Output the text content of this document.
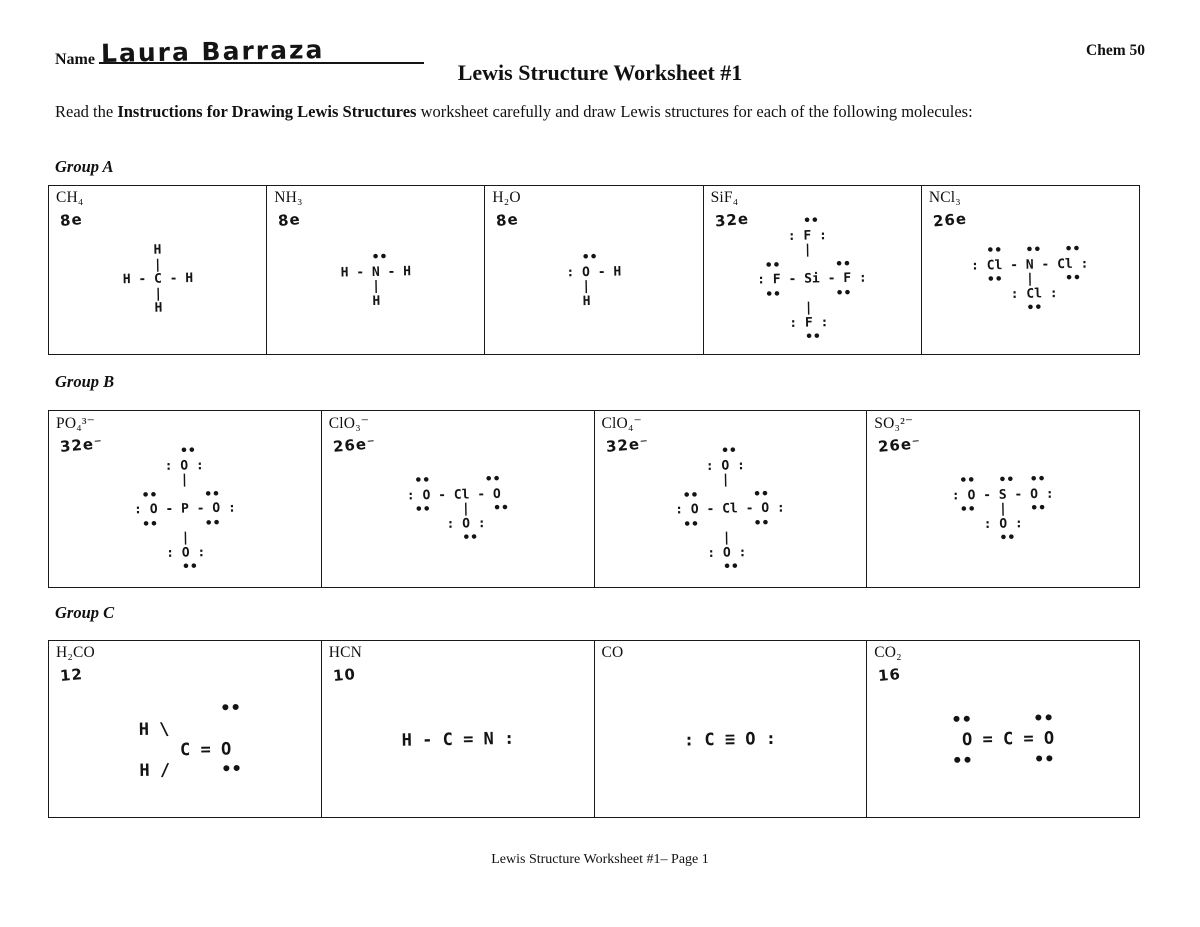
Name Laura Barraza	Chem 50
Lewis Structure Worksheet #1

Read the Instructions for Drawing Lewis Structures worksheet carefully and draw Lewis structures for each of the following molecules:

Group A
CH₄
8e
H
|
H - C - H
|
H
NH₃
8e
••
H - N - H
|
H
H₂O
8e
••
: O - H
|
H
SiF₄
32e ••
: F :
|
••       ••
: F - Si - F :
••       ••
|
: F :
••
NCl₃
26e
••   ••   ••
: Cl - N - Cl :
••   |    ••
: Cl :
••
Group B
PO₄³⁻
32e⁻ ••
: O :
|
••      ••
: O - P - O :
••      ••
|
: O :
••
ClO₃⁻
26e⁻
••       ••
: O - Cl - O
••    |   ••
: O :
••
ClO₄⁻
32e⁻ ••
: O :
|
••       ••
: O - Cl - O :
••       ••
|
: O :
••
SO₃²⁻
26e⁻
••   ••  ••
: O - S - O :
••   |   ••
: O :
••
Group C
H₂CO
12
••
H \
C = O
H /     ••
HCN
10
H - C = N :
CO
: C ≡ O :
CO₂
16
••      ••
O = C = O
••      ••
Lewis Structure Worksheet #1– Page 1
